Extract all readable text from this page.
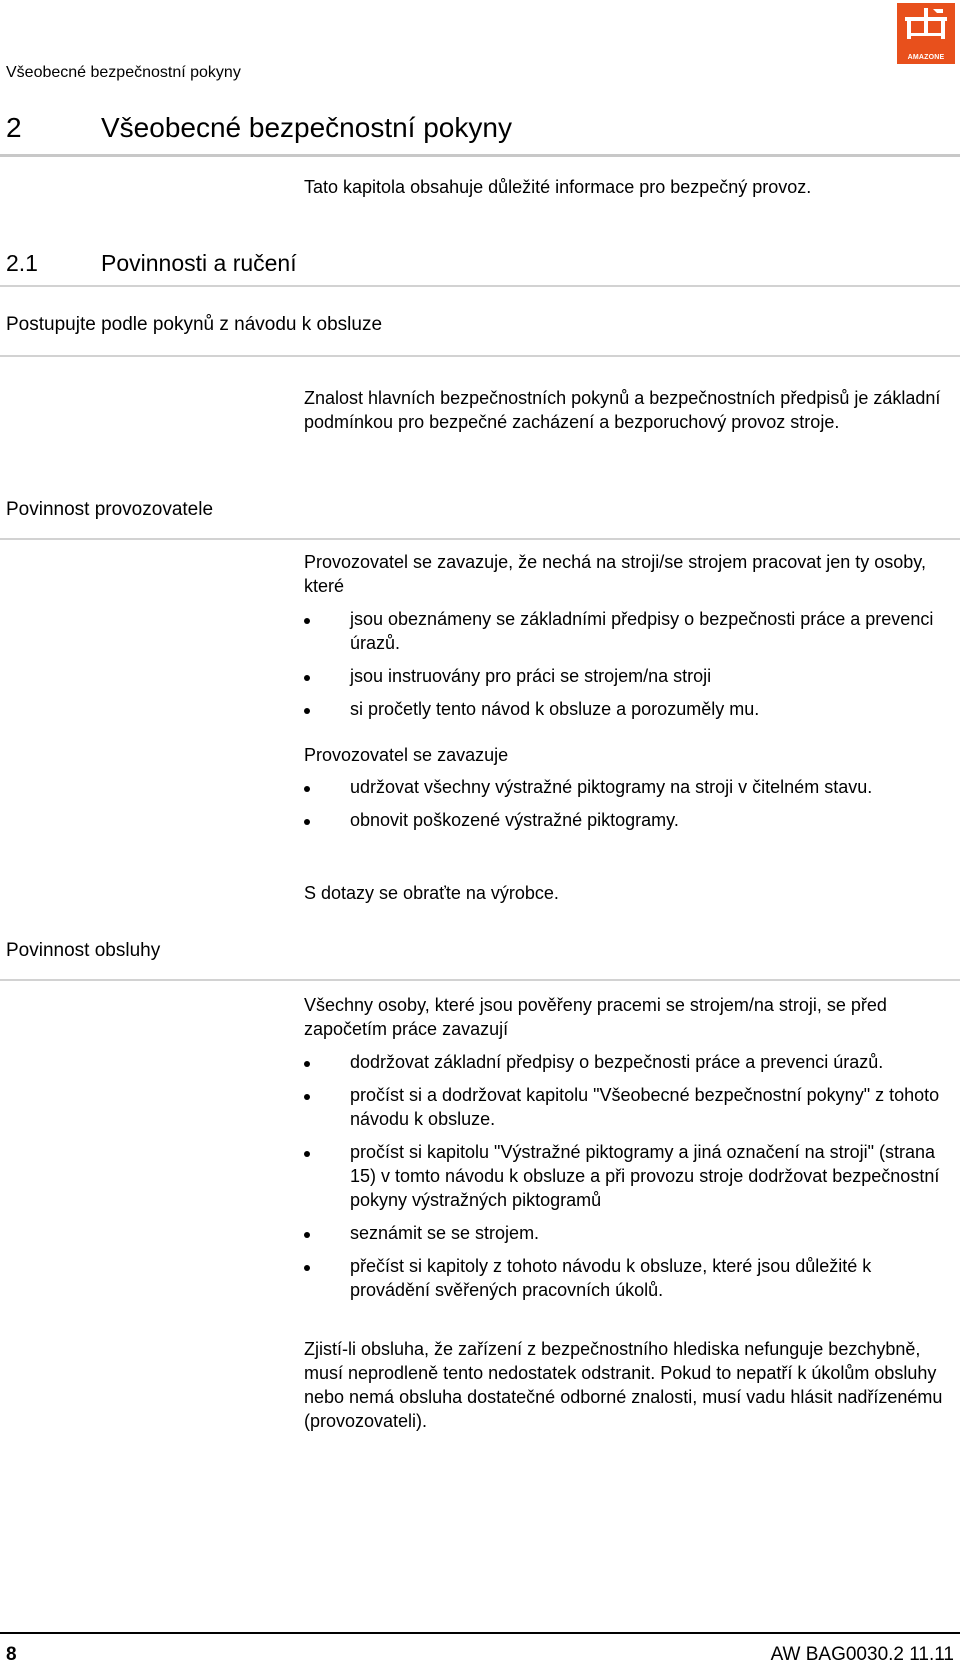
Všeobecné bezpečnostní pokyny
AMAZONE
2	Všeobecné bezpečnostní pokyny
Tato kapitola obsahuje důležité informace pro bezpečný provoz.
2.1	Povinnosti a ručení
Postupujte podle pokynů z návodu k obsluze

Znalost hlavních bezpečnostních pokynů a bezpečnostních předpisů je základní podmínkou pro bezpečné zacházení a bezporuchový provoz stroje.

Povinnost provozovatele

Provozovatel se zavazuje, že nechá na stroji/se strojem pracovat jen ty osoby, které

jsou obeznámeny se základními předpisy o bezpečnosti práce a prevenci úrazů.
jsou instruovány pro práci se strojem/na stroji
si pročetly tento návod k obsluze a porozuměly mu.

Provozovatel se zavazuje

udržovat všechny výstražné piktogramy na stroji v čitelném stavu.
obnovit poškozené výstražné piktogramy.

S dotazy se obraťte na výrobce.

Povinnost obsluhy

Všechny osoby, které jsou pověřeny pracemi se strojem/na stroji, se před započetím práce zavazují

dodržovat základní předpisy o bezpečnosti práce a prevenci úrazů.
pročíst si a dodržovat kapitolu "Všeobecné bezpečnostní pokyny" z tohoto návodu k obsluze.
pročíst si kapitolu "Výstražné piktogramy a jiná označení na stroji" (strana 15) v tomto návodu k obsluze a při provozu stroje dodržovat bezpečnostní pokyny výstražných piktogramů
seznámit se se strojem.
přečíst si kapitoly z tohoto návodu k obsluze, které jsou důležité k provádění svěřených pracovních úkolů.

Zjistí-li obsluha, že zařízení z bezpečnostního hlediska nefunguje bezchybně, musí neprodleně tento nedostatek odstranit. Pokud to nepatří k úkolům obsluhy nebo nemá obsluha dostatečné odborné znalosti, musí vadu hlásit nadřízenému (provozovateli).

8	AW BAG0030.2 11.11
